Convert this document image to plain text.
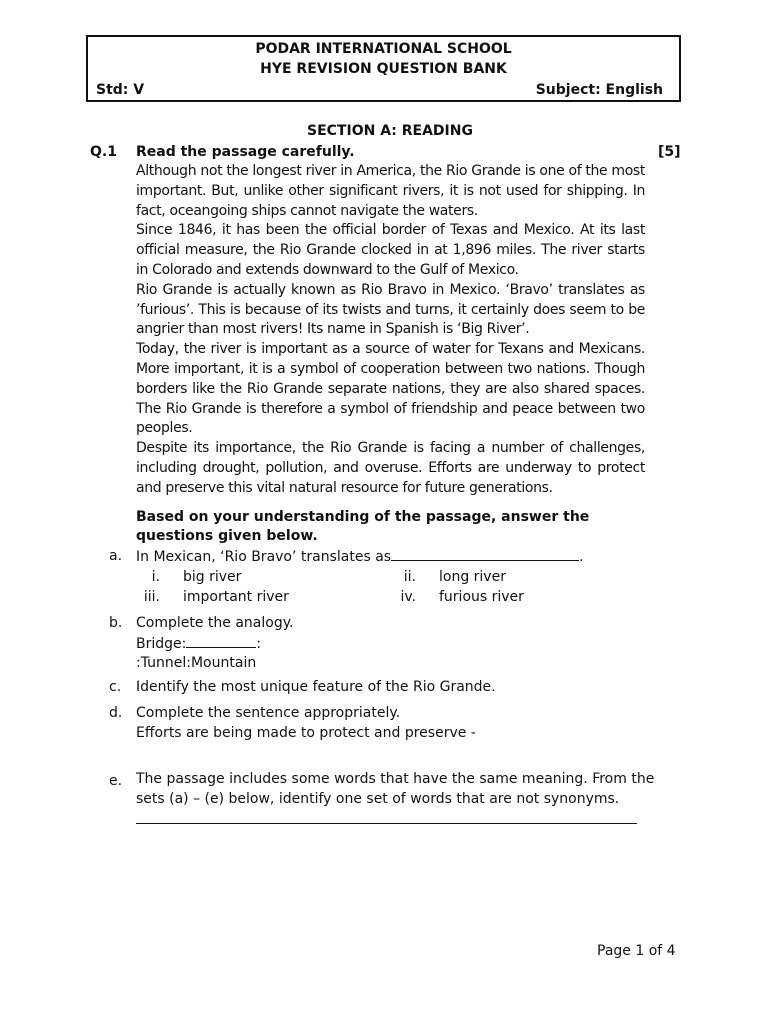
PODAR INTERNATIONAL SCHOOL
HYE REVISION QUESTION BANK
Std: V	Subject: English
SECTION A: READING
Q.1 Read the passage carefully.	[5]

Although not the longest river in America, the Rio Grande is one of the most important. But, unlike other significant rivers, it is not used for shipping. In fact, oceangoing ships cannot navigate the waters.

Since 1846, it has been the official border of Texas and Mexico. At its last official measure, the Rio Grande clocked in at 1,896 miles. The river starts in Colorado and extends downward to the Gulf of Mexico.

Rio Grande is actually known as Rio Bravo in Mexico. ‘Bravo’ translates as ’furious’. This is because of its twists and turns, it certainly does seem to be angrier than most rivers! Its name in Spanish is ‘Big River’.

Today, the river is important as a source of water for Texans and Mexicans. More important, it is a symbol of cooperation between two nations. Though borders like the Rio Grande separate nations, they are also shared spaces. The Rio Grande is therefore a symbol of friendship and peace between two peoples.

Despite its importance, the Rio Grande is facing a number of challenges, including drought, pollution, and overuse. Efforts are underway to protect and preserve this vital natural resource for future generations.

Based on your understanding of the passage, answer the questions given below.
a. In Mexican, ‘Rio Bravo’ translates as	.
i. big river	ii. long river
iii. important river	iv. furious river
b. Complete the analogy.
Bridge:	:
:Tunnel:Mountain
c. Identify the most unique feature of the Rio Grande.
d. Complete the sentence appropriately.
Efforts are being made to protect and preserve -
e. The passage includes some words that have the same meaning. From the
sets (a) – (e) below, identify one set of words that are not synonyms.
Page 1 of 4
